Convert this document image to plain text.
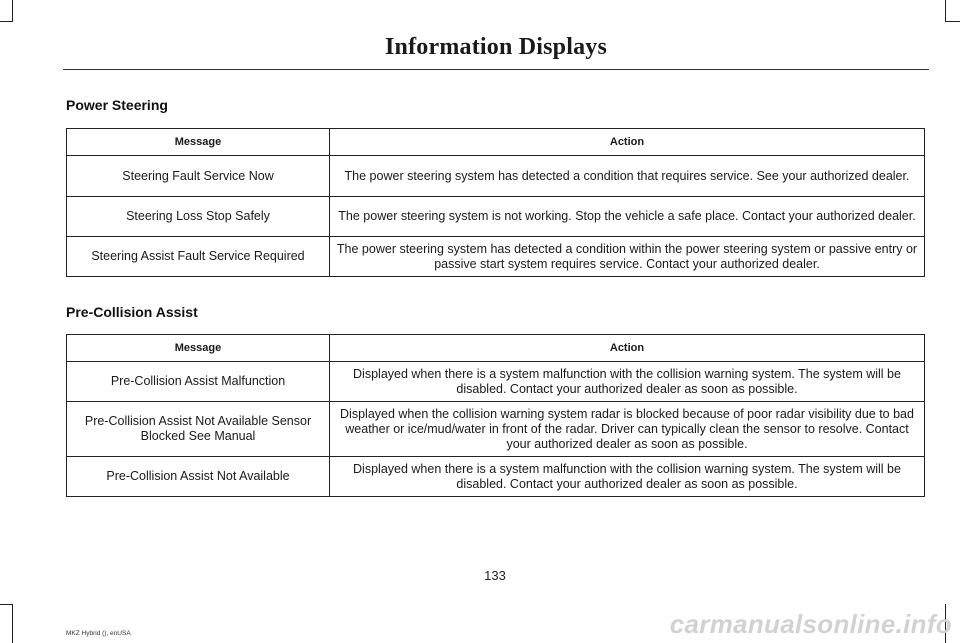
Information Displays
Power Steering
Message	Action
Steering Fault Service Now	The power steering system has detected a condition that requires service. See your authorized dealer.
Steering Loss Stop Safely	The power steering system is not working. Stop the vehicle a safe place. Contact your authorized dealer.
Steering Assist Fault Service Required	The power steering system has detected a condition within the power steering system or passive entry or passive start system requires service. Contact your authorized dealer.
Pre-Collision Assist
Message	Action
Pre-Collision Assist Malfunction	Displayed when there is a system malfunction with the collision warning system. The system will be disabled. Contact your authorized dealer as soon as possible.
Pre-Collision Assist Not Available Sensor Blocked See Manual	Displayed when the collision warning system radar is blocked because of poor radar visibility due to bad weather or ice/mud/water in front of the radar. Driver can typically clean the sensor to resolve. Contact your authorized dealer as soon as possible.
Pre-Collision Assist Not Available	Displayed when there is a system malfunction with the collision warning system. The system will be disabled. Contact your authorized dealer as soon as possible.
133
MKZ Hybrid (), enUSA	carmanualsonline.info
